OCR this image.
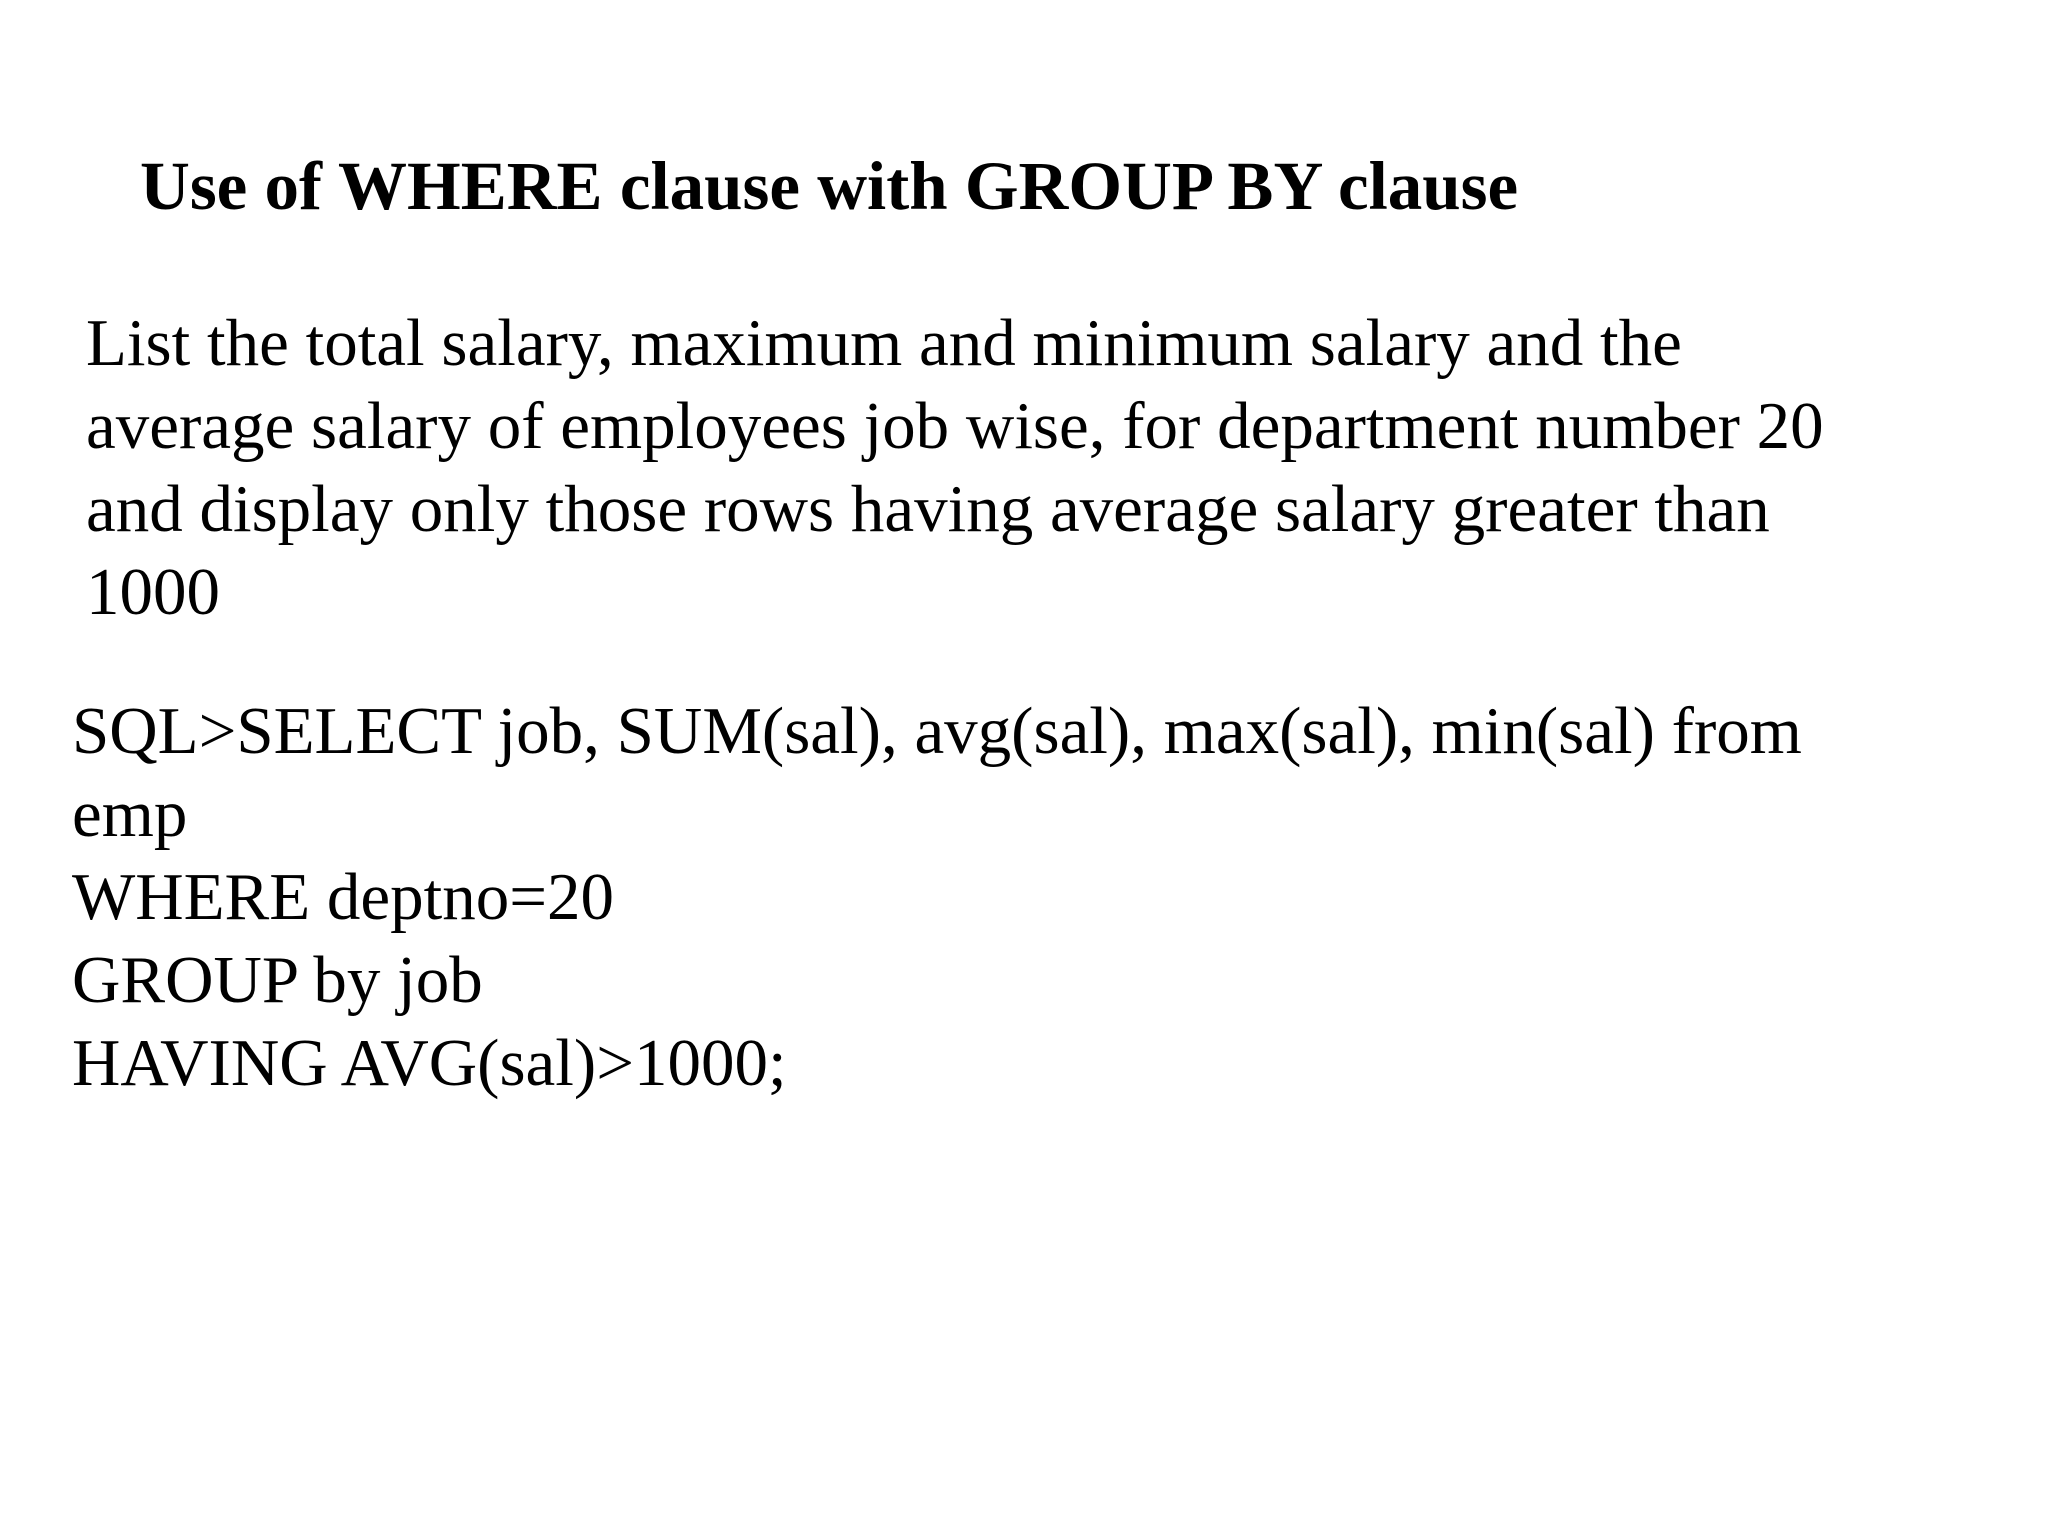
Use of WHERE clause with GROUP BY clause
List the total salary, maximum and minimum salary and the
average salary of employees job wise, for department number 20
and display only those rows having average salary greater than
1000
SQL>SELECT job, SUM(sal), avg(sal), max(sal), min(sal) from
emp
WHERE deptno=20
GROUP by job
HAVING AVG(sal)>1000;
